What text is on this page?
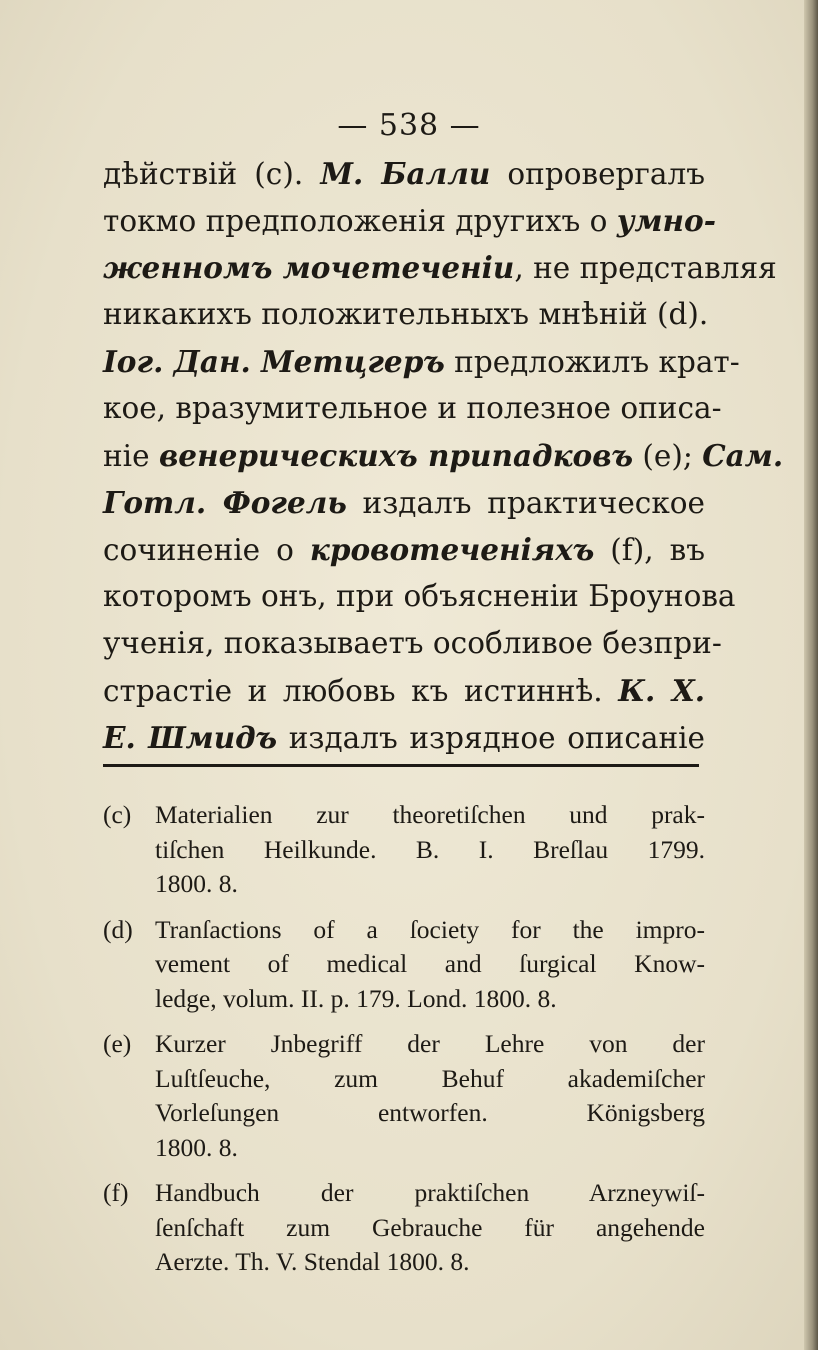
— 538 —
дѣйствій (c). М. Балли опровергалъ
токмо предположенія другихъ о умно-
женномъ мочетеченіи, не представляя
никакихъ положительныхъ мнѣній (d).
Іог. Дан. Метцгеръ предложилъ крат-
кое, вразумительное и полезное описа-
ніе венерическихъ припадковъ (e); Сам.
Готл. Фогель издалъ практическое
сочиненіе о кровотеченіяхъ (f), въ
которомъ онъ, при объясненіи Броунова
ученія, показываетъ особливое безпри-
страстіе и любовь къ истиннѣ. К. Х.
Е. Шмидъ издалъ изрядное описаніе
(c) Materialien zur theoretiſchen und prak-
tiſchen Heilkunde. B. I. Breſlau 1799.
1800. 8.
(d) Tranſactions of a ſociety for the impro-
vement of medical and ſurgical Know-
ledge, volum. II. p. 179. Lond. 1800. 8.
(e) Kurzer Jnbegriff der Lehre von der
Luſtſeuche, zum Behuf akademiſcher
Vorleſungen entworfen. Königsberg
1800. 8.
(f) Handbuch der praktiſchen Arzneywiſ-
ſenſchaft zum Gebrauche für angehende
Aerzte. Th. V. Stendal 1800. 8.
